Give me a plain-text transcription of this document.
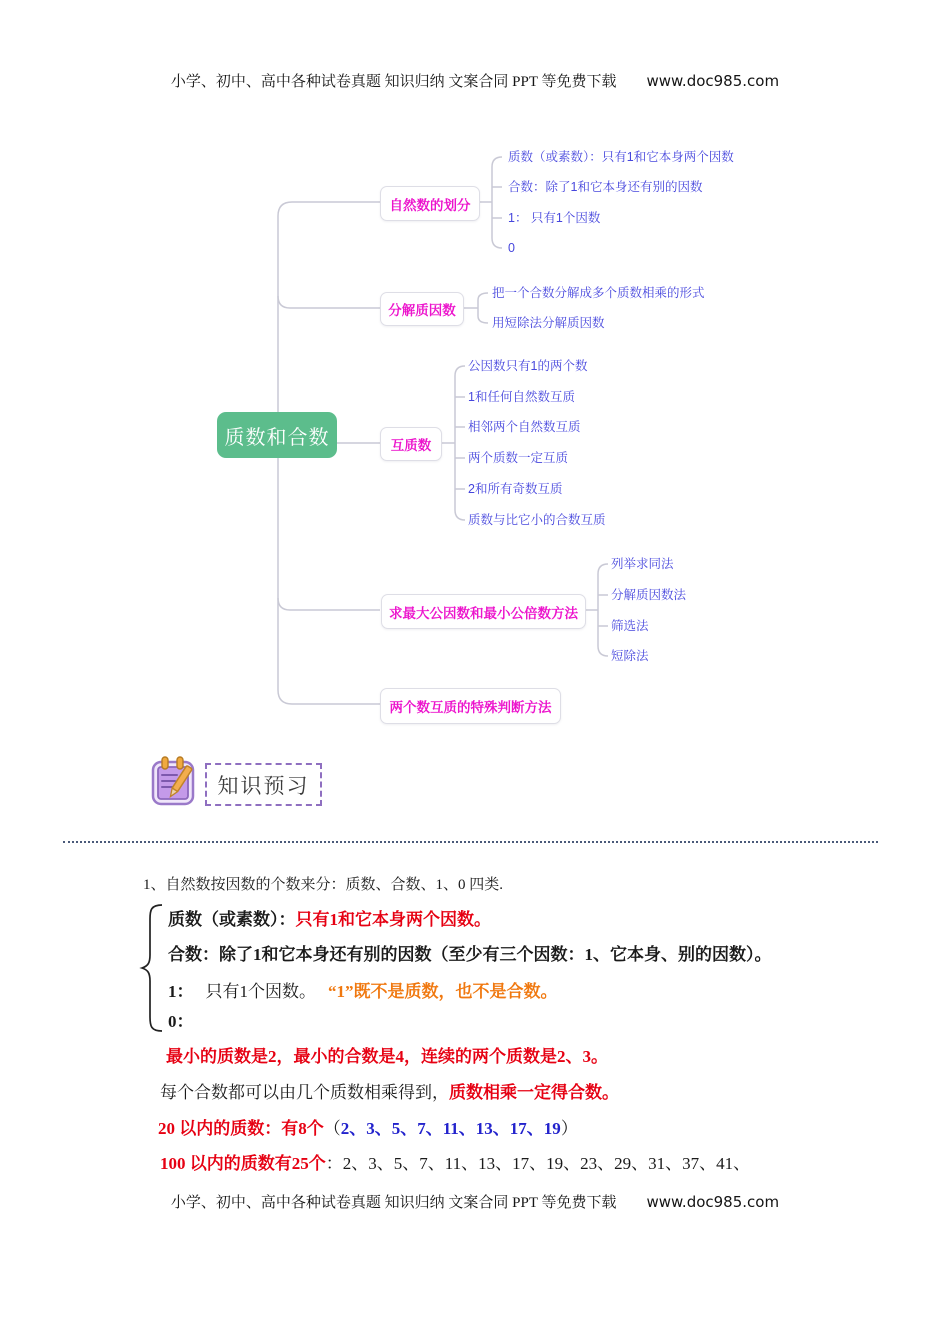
小学、初中、高中各种试卷真题 知识归纳 文案合同 PPT 等免费下载 www.doc985.com
质数和合数
自然数的划分
分解质因数
互质数
求最大公因数和最小公倍数方法
两个数互质的特殊判断方法
质数（或素数）：只有1和它本身两个因数
合数：除了1和它本身还有别的因数
1： 只有1个因数
0
把一个合数分解成多个质数相乘的形式
用短除法分解质因数
公因数只有1的两个数
1和任何自然数互质
相邻两个自然数互质
两个质数一定互质
2和所有奇数互质
质数与比它小的合数互质
列举求同法
分解质因数法
筛选法
短除法
知识预习
1、自然数按因数的个数来分：质数、合数、1、0 四类.
质数（或素数）：只有1和它本身两个因数。
合数：除了1和它本身还有别的因数（至少有三个因数：1、它本身、别的因数）。
1： 只有1个因数。 “1”既不是质数，也不是合数。
0：
最小的质数是2，最小的合数是4，连续的两个质数是2、3。
每个合数都可以由几个质数相乘得到，质数相乘一定得合数。
20 以内的质数：有8个（2、3、5、7、11、13、17、19）
100 以内的质数有25个：2、3、5、7、11、13、17、19、23、29、31、37、41、
小学、初中、高中各种试卷真题 知识归纳 文案合同 PPT 等免费下载 www.doc985.com
